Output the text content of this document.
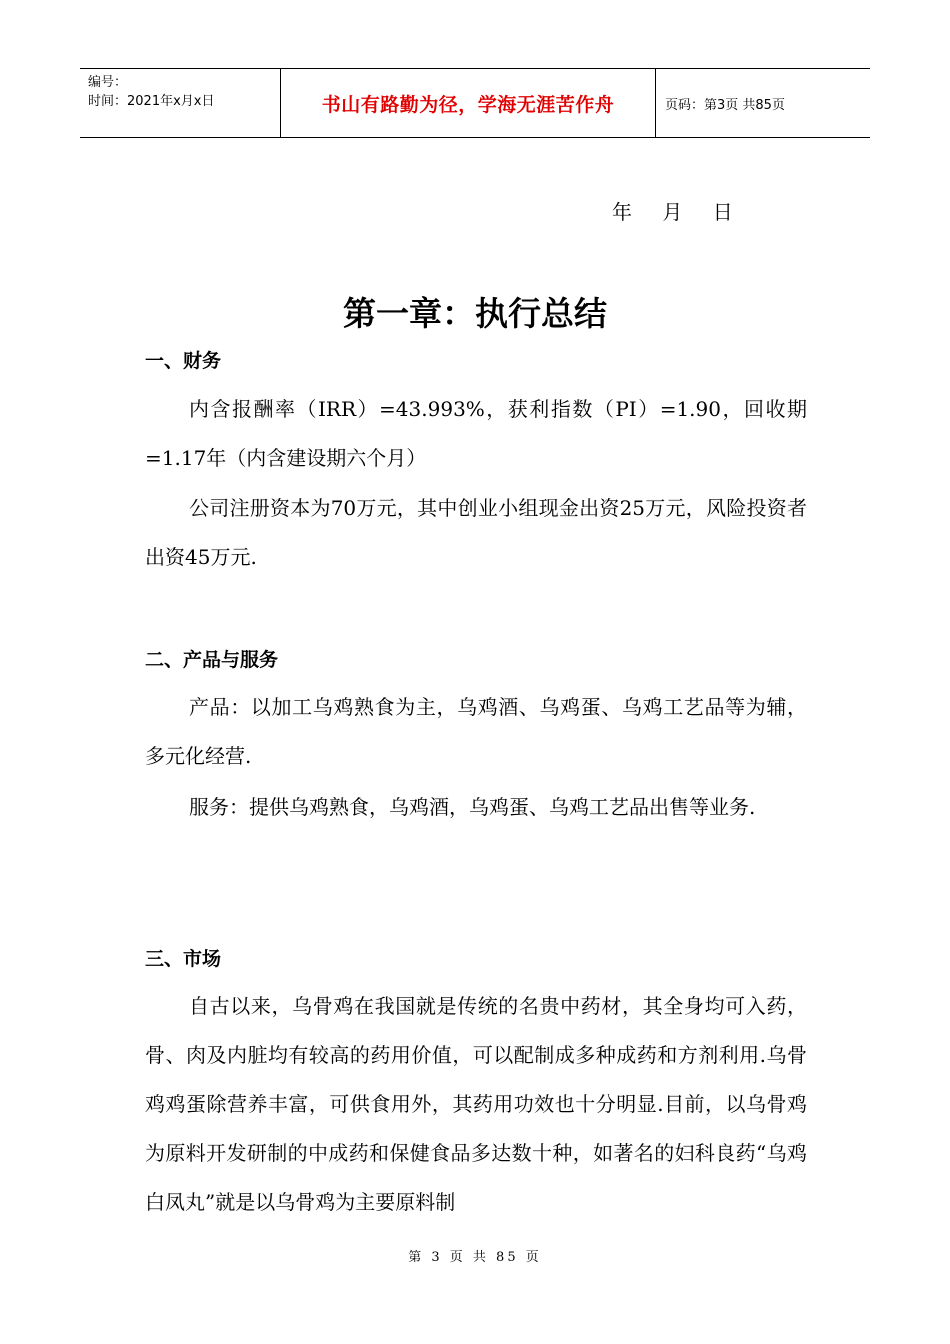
编号：
时间：2021年x月x日	书山有路勤为径，学海无涯苦作舟	页码：第3页 共85页
年 月 日
第一章：执行总结
一、财务

内含报酬率（IRR）=43.993%，获利指数（PI）=1.90，回收期=1.17年（内含建设期六个月）

公司注册资本为70万元，其中创业小组现金出资25万元，风险投资者出资45万元.

二、产品与服务

产品：以加工乌鸡熟食为主，乌鸡酒、乌鸡蛋、乌鸡工艺品等为辅，多元化经营.

服务：提供乌鸡熟食，乌鸡酒，乌鸡蛋、乌鸡工艺品出售等业务.

三、市场

自古以来，乌骨鸡在我国就是传统的名贵中药材，其全身均可入药，骨、肉及内脏均有较高的药用价值，可以配制成多种成药和方剂利用.乌骨鸡鸡蛋除营养丰富，可供食用外，其药用功效也十分明显.目前，以乌骨鸡为原料开发研制的中成药和保健食品多达数十种，如著名的妇科良药“乌鸡白凤丸”就是以乌骨鸡为主要原料制

第 3 页 共 85 页
